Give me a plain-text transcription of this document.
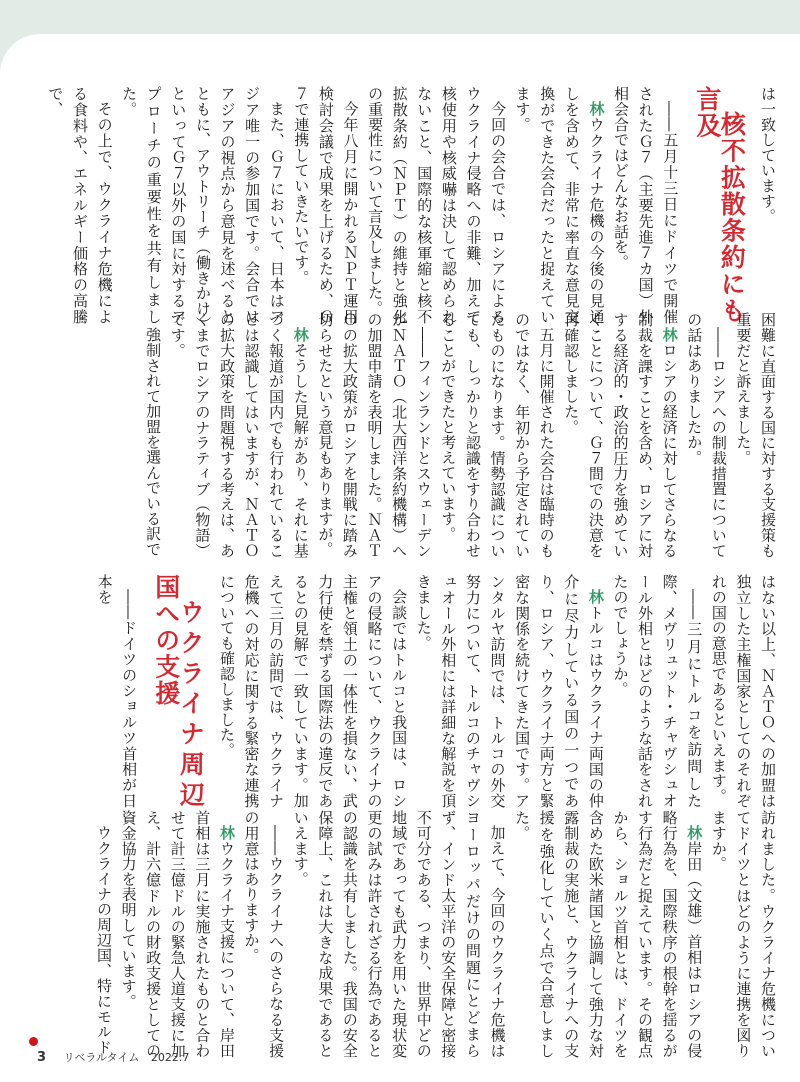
は一致しています。

核不拡散条約にも言及

――五月十三日にドイツで開催されたＧ７（主要先進７カ国）外相会合ではどんなお話を。

林ウクライナ危機の今後の見通しを含めて、非常に率直な意見交換ができた会合だったと捉えています。

今回の会合では、ロシアによるウクライナ侵略への非難、加えて核使用や核威嚇は決して認められないこと、国際的な核軍縮と核不拡散条約（ＮＰＴ）の維持と強化の重要性について言及しました。

今年八月に開かれるＮＰＴ運用検討会議で成果を上げるため、Ｇ７で連携していきたいです。

また、Ｇ７において、日本はアジア唯一の参加国です。会合ではアジアの視点から意見を述べるとともに、アウトリーチ（働きかけ）といってＧ７以外の国に対するアプローチの重要性を共有しました。

その上で、ウクライナ危機による食料や、エネルギー価格の高騰で、

困難に直面する国に対する支援策も重要だと訴えました。

――ロシアへの制裁措置についての話はありましたか。

林ロシアの経済に対してさらなる制裁を課すことを含め、ロシアに対する経済的・政治的圧力を強めていくことについて、Ｇ７間での決意を再確認しました。

五月に開催された会合は臨時のものではなく、年初から予定されていたものになります。情勢認識についても、しっかりと認識をすり合わせることができたと考えています。

――フィンランドとスウェーデンがＮＡＴＯ（北大西洋条約機構）への加盟申請を表明しました。ＮＡＴＯの拡大政策がロシアを開戦に踏み切らせたという意見もありますが。

林そうした見解があり、それに基づく報道が国内でも行われていることは認識してはいますが、ＮＡＴＯの拡大政策を問題視する考えは、あくまでロシアのナラティブ（物語）です。

強制されて加盟を選んでいる訳で

はない以上、ＮＡＴＯへの加盟は独立した主権国家としてのそれぞれの国の意思であるといえます。

――三月にトルコを訪問した際、メヴリュット・チャヴシュオール外相とはどのような話をされたのでしょうか。

林トルコはウクライナ両国の仲介に尽力している国の一つであり、ロシア、ウクライナ両方と緊密な関係を続けてきた国です。アンタルヤ訪問では、トルコの外交努力について、トルコのチャヴシュオール外相には詳細な解説を頂きました。

会談ではトルコと我国は、ロシアの侵略について、ウクライナの主権と領土の一体性を損ない、武力行使を禁ずる国際法の違反であるとの見解で一致しています。加えて三月の訪問では、ウクライナ危機への対応に関する緊密な連携についても確認しました。

ウクライナ周辺国への支援

――ドイツのショルツ首相が日本を

訪れました。ウクライナ危機についてドイツとはどのように連携を図りますか。

林岸田（文雄）首相はロシアの侵略行為を、国際秩序の根幹を揺るがす行為だと捉えています。その観点から、ショルツ首相とは、ドイツを含めた欧米諸国と協調して強力な対露制裁の実施と、ウクライナへの支援を強化していく点で合意しました。

加えて、今回のウクライナ危機はヨーロッパだけの問題にとどまらず、インド太平洋の安全保障と密接不可分である、つまり、世界中どの地域であっても武力を用いた現状変更の試みは許されざる行為であるとの認識を共有しました。我国の安全保障上、これは大きな成果であるといえます。

――ウクライナへのさらなる支援の用意はありますか。

林ウクライナ支援について、岸田首相は三月に実施されたものと合わせて計三億ドルの緊急人道支援に加え、計六億ドルの財政支援としての資金協力を表明しています。

ウクライナの周辺国、特にモルド

3 リベラルタイム 2022.7
